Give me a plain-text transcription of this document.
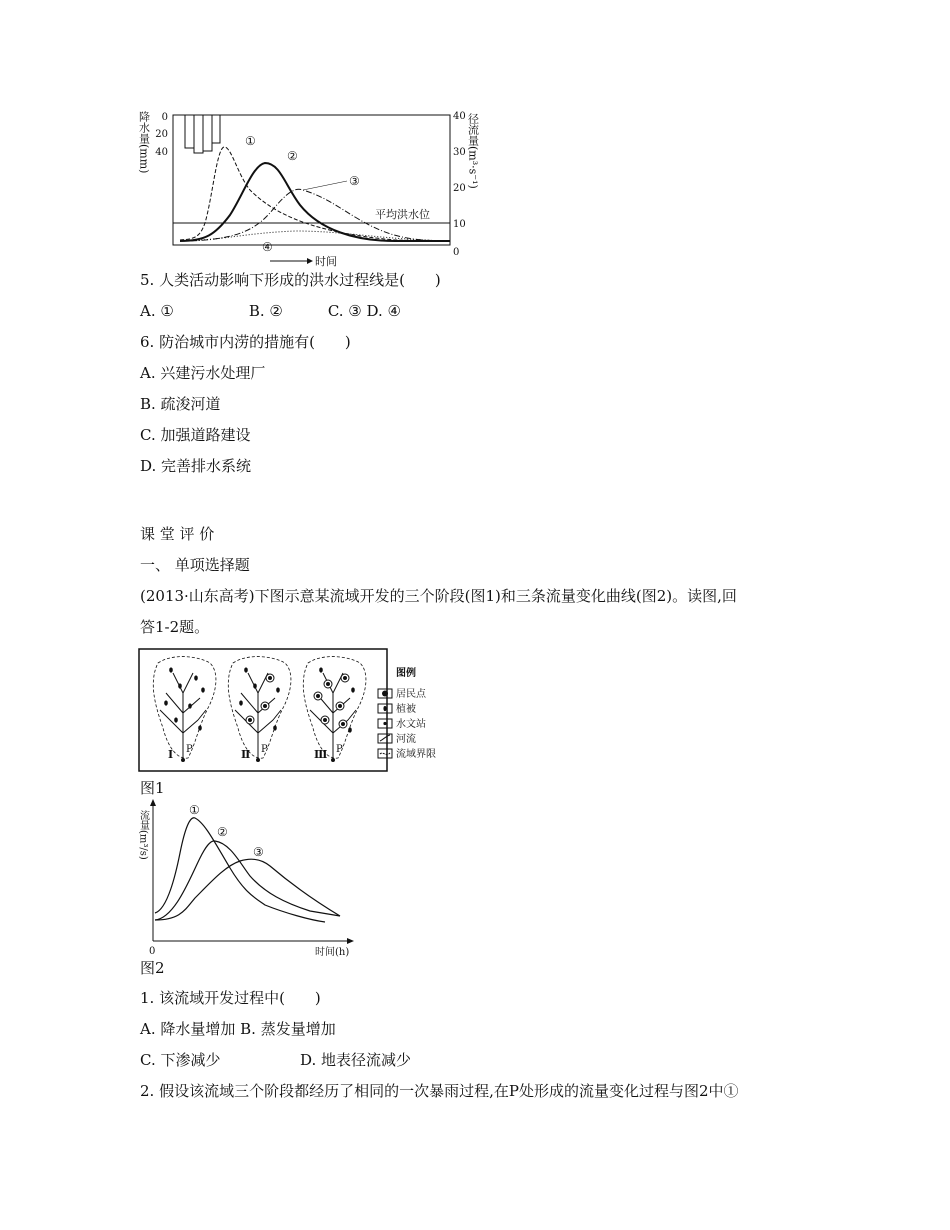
降水量(mm) 0
20
40
平均洪水位
①
②
③
④
40
30
20
10
0
径流量(m³·s⁻¹)
时间
5. 人类活动影响下形成的洪水过程线是(　　)
A. ①　　　　　B. ②　　　C. ③ D. ④
6. 防治城市内涝的措施有(　　)
A. 兴建污水处理厂
B. 疏浚河道
C. 加强道路建设
D. 完善排水系统
课 堂 评 价
一、 单项选择题
(2013·山东高考)下图示意某流域开发的三个阶段(图1)和三条流量变化曲线(图2)。读图,回
答1-2题。
Ⅰ P	Ⅱ P	Ⅲ P
图例
居民点
植被
水文站
河流
流域界限
图1
流量(m³/s)
0	时间(h)
①
②
③
图2
1. 该流域开发过程中(　　)
A. 降水量增加 B. 蒸发量增加
C. 下渗减少	D. 地表径流减少
2. 假设该流域三个阶段都经历了相同的一次暴雨过程,在P处形成的流量变化过程与图2中①
